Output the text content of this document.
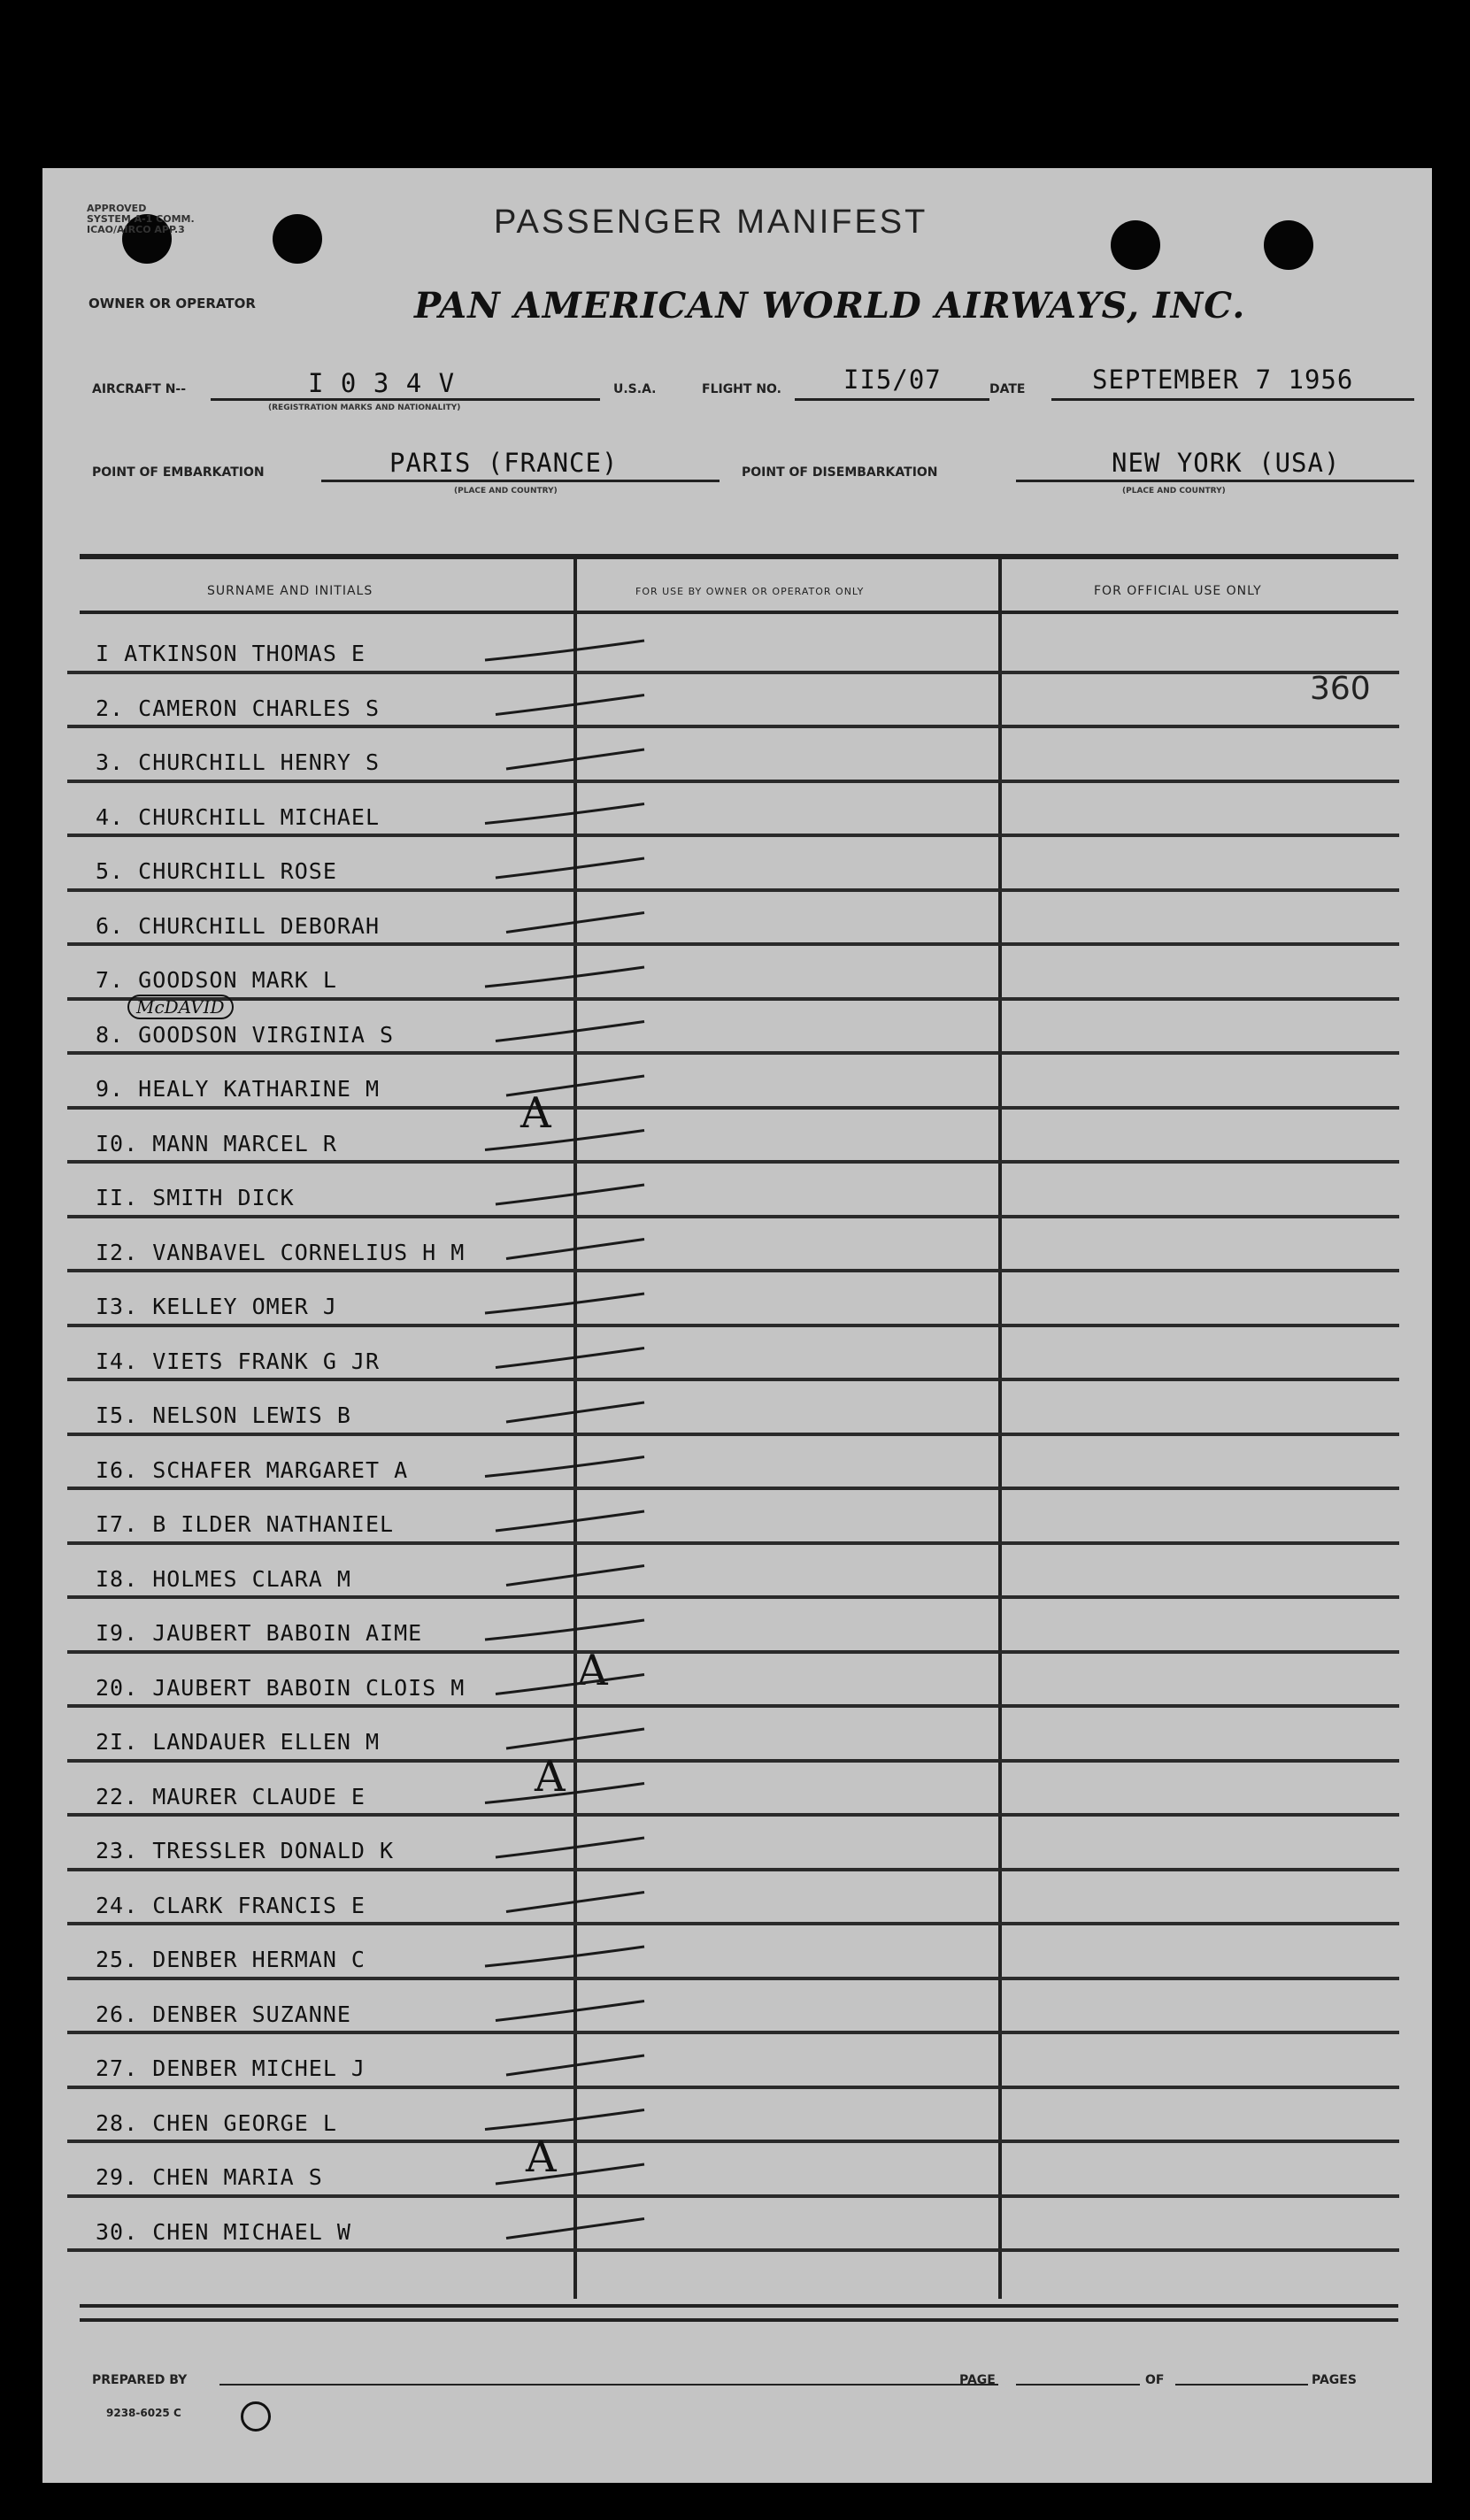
APPROVED
SYSTEM A-1 COMM.
ICAO/AIRCO APP.3	PASSENGER MANIFEST
OWNER OR OPERATOR	PAN AMERICAN WORLD AIRWAYS, INC.
AIRCRAFT N--	I 0 3 4 V
(REGISTRATION MARKS AND NATIONALITY)
U.S.A.	FLIGHT NO. II5/07	DATE	SEPTEMBER 7 1956
POINT OF EMBARKATION	PARIS (FRANCE)
(PLACE AND COUNTRY)
POINT OF DISEMBARKATION	NEW YORK (USA)
(PLACE AND COUNTRY)
SURNAME AND INITIALS	FOR USE BY OWNER OR OPERATOR ONLY	FOR OFFICIAL USE ONLY
I ATKINSON THOMAS E
2. CAMERON CHARLES S
3. CHURCHILL HENRY S
4. CHURCHILL MICHAEL
5. CHURCHILL ROSE
6. CHURCHILL DEBORAH
7. GOODSON MARK L
8. GOODSON VIRGINIA S
9. HEALY KATHARINE M
I0. MANN MARCEL R
II. SMITH DICK
I2. VANBAVEL CORNELIUS H M
I3. KELLEY OMER J
I4. VIETS FRANK G JR
I5. NELSON LEWIS B
I6. SCHAFER MARGARET A
I7. B ILDER NATHANIEL
I8. HOLMES CLARA M
I9. JAUBERT BABOIN AIME
20. JAUBERT BABOIN CLOIS M
2I. LANDAUER ELLEN M
22. MAURER CLAUDE E
23. TRESSLER DONALD K
24. CLARK FRANCIS E
25. DENBER HERMAN C
26. DENBER SUZANNE
27. DENBER MICHEL J
28. CHEN GEORGE L
29. CHEN MARIA S
30. CHEN MICHAEL W
360
McDAVID
A
A
A
A
PREPARED BY	PAGE	OF	PAGES
9238-6025 C
